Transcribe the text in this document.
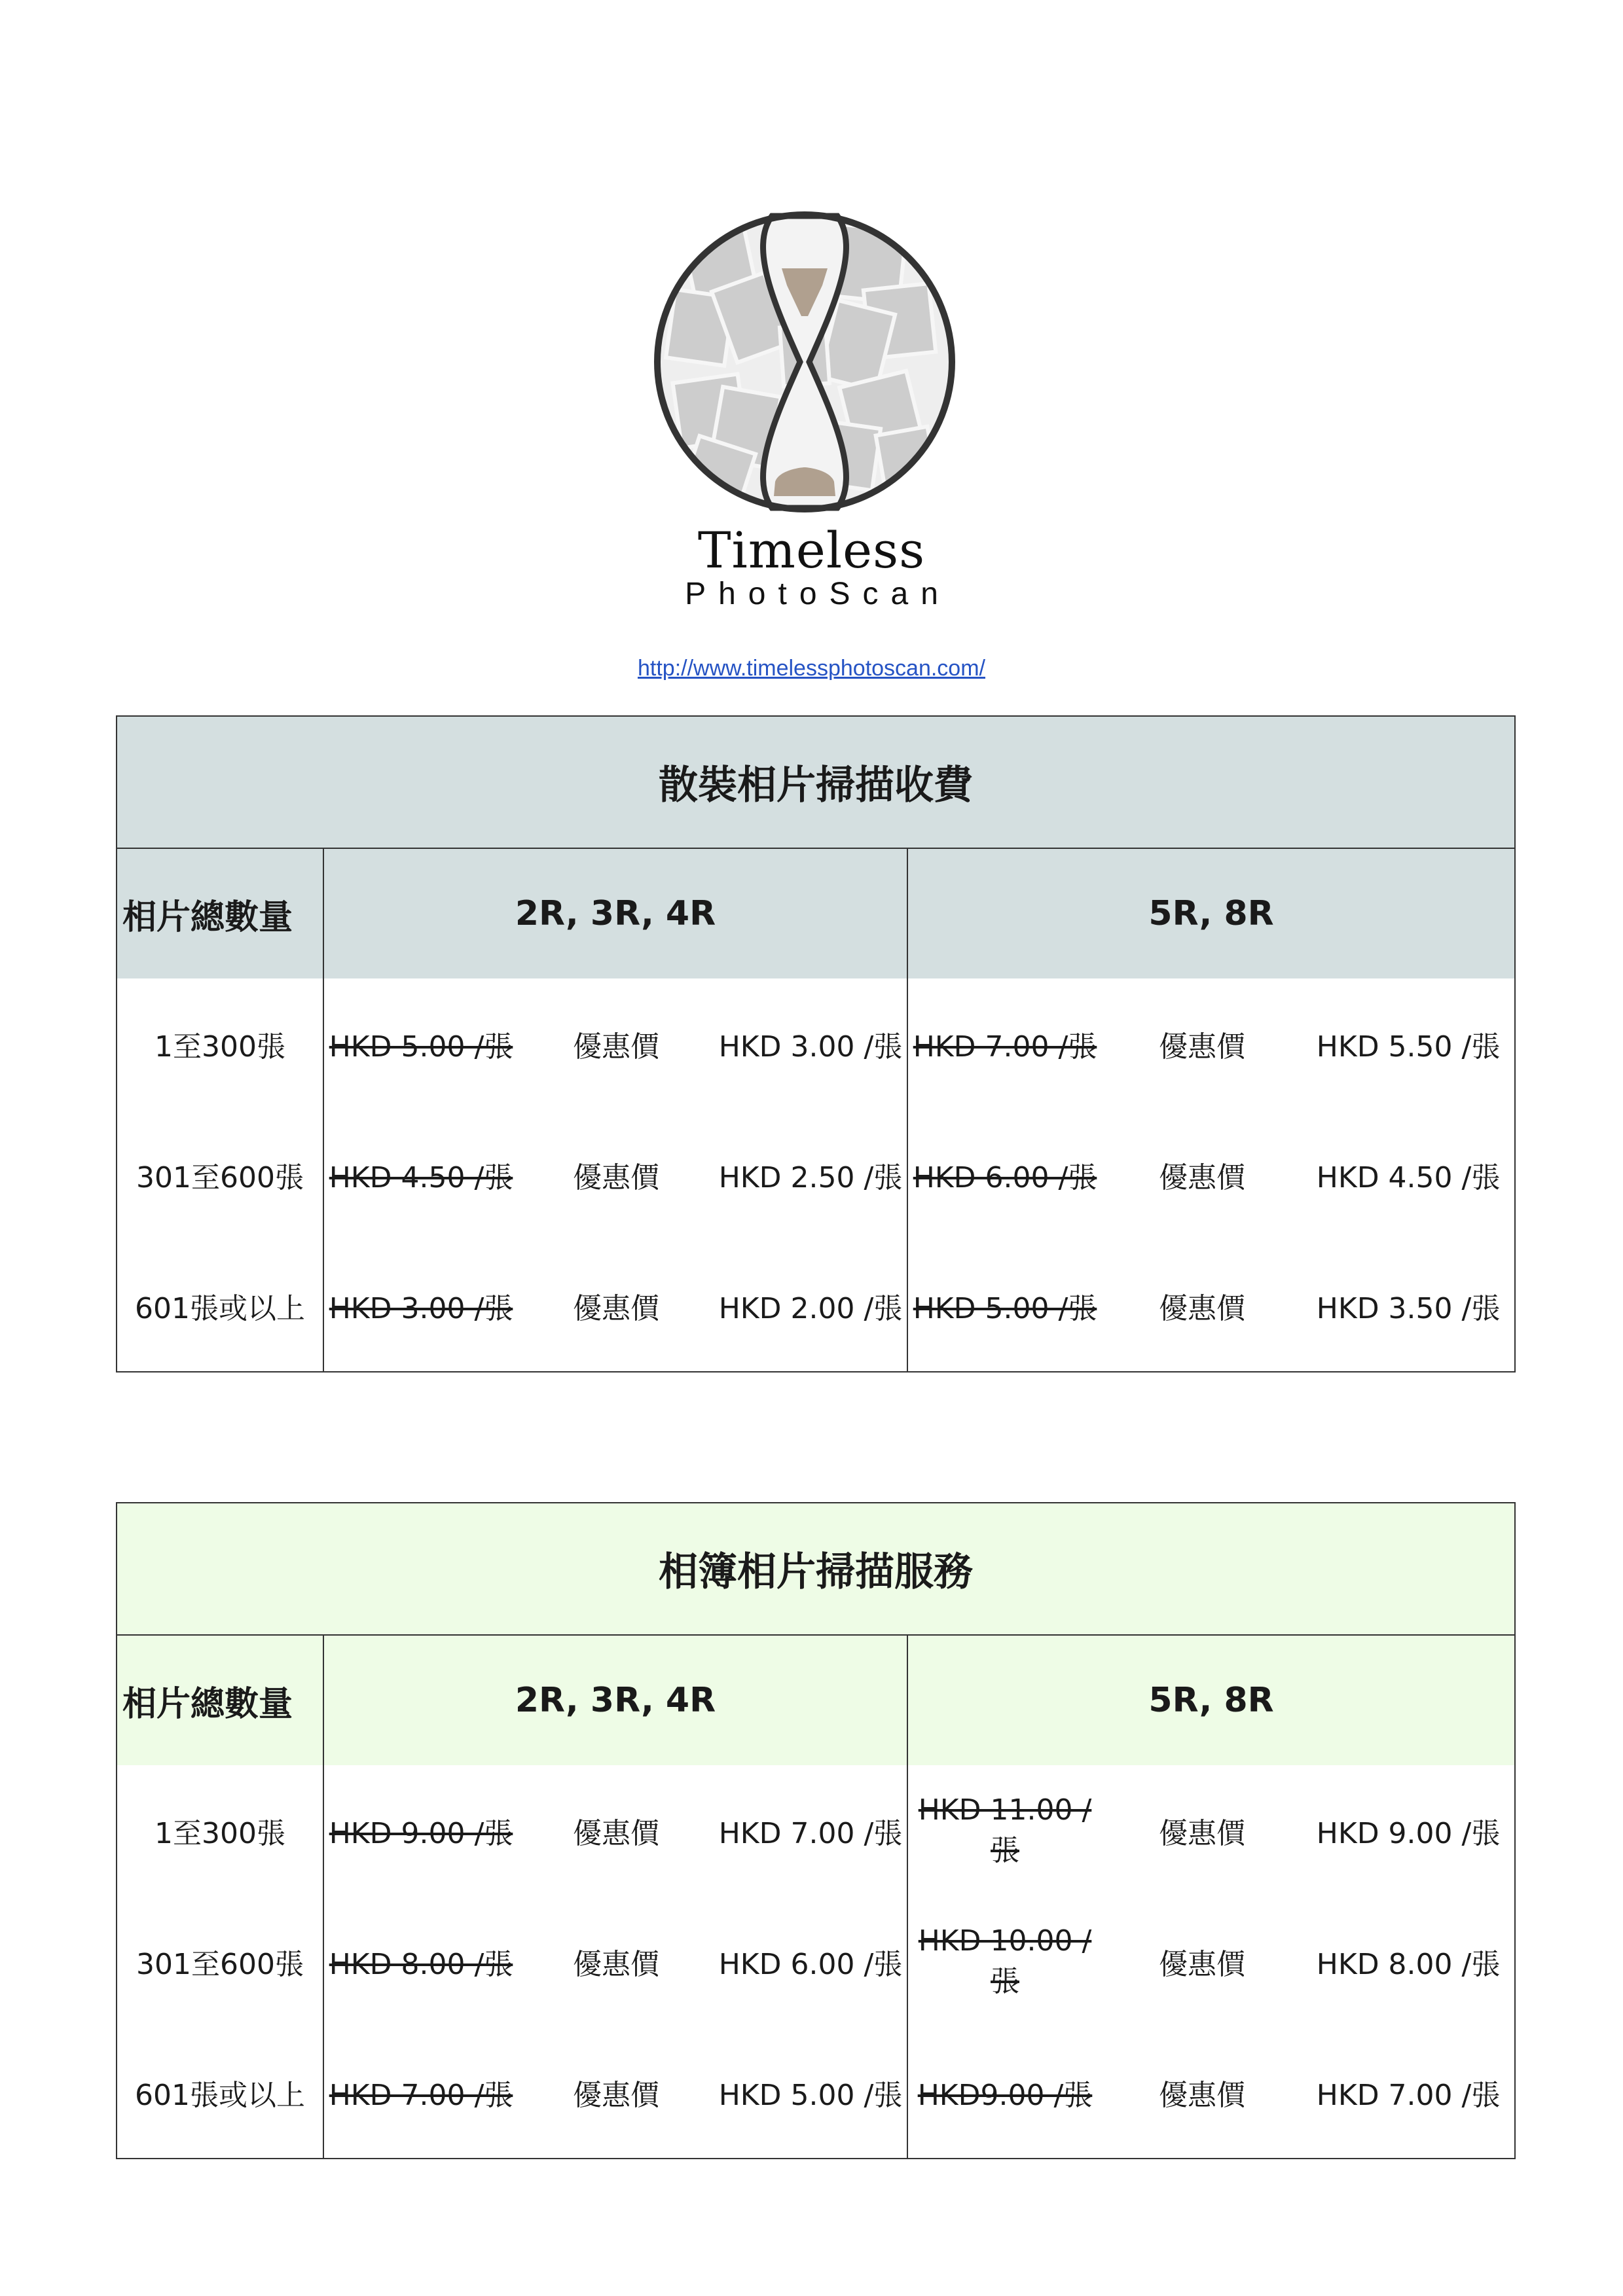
Timeless
PhotoScan
http://www.timelessphotoscan.com/
散裝相片掃描收費						
相片總數量	2R, 3R, 4R			5R, 8R		
1至300張	HKD 5.00 /張	優惠價	HKD 3.00 /張	HKD 7.00 /張	優惠價	HKD 5.50 /張
301至600張	HKD 4.50 /張	優惠價	HKD 2.50 /張	HKD 6.00 /張	優惠價	HKD 4.50 /張
601張或以上	HKD 3.00 /張	優惠價	HKD 2.00 /張	HKD 5.00 /張	優惠價	HKD 3.50 /張
相簿相片掃描服務						
相片總數量	2R, 3R, 4R			5R, 8R		
1至300張	HKD 9.00 /張	優惠價	HKD 7.00 /張	HKD 11.00 /張	優惠價	HKD 9.00 /張
301至600張	HKD 8.00 /張	優惠價	HKD 6.00 /張	HKD 10.00 /張	優惠價	HKD 8.00 /張
601張或以上	HKD 7.00 /張	優惠價	HKD 5.00 /張	HKD9.00 /張	優惠價	HKD 7.00 /張
